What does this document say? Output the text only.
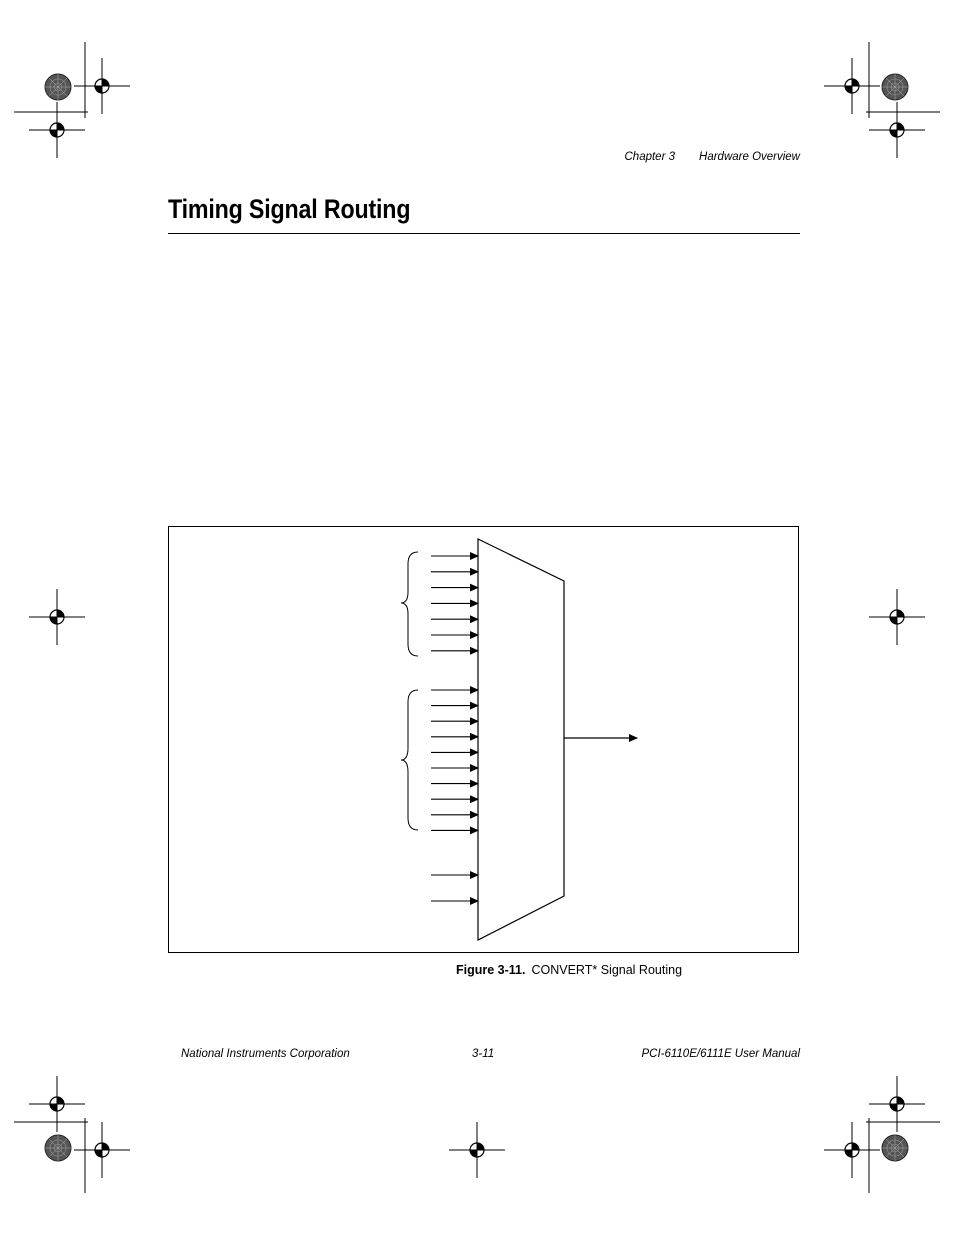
Chapter 3 Hardware Overview
Timing Signal Routing
Figure 3-11. CONVERT* Signal Routing
National Instruments Corporation	3-11	PCI-6110E/6111E User Manual
